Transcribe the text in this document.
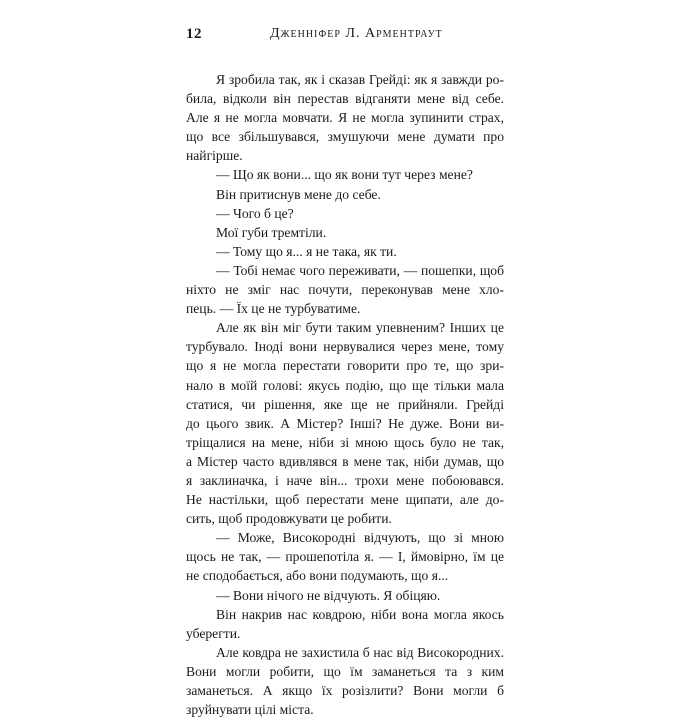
12	Дженніфер Л. Арментраут
Я зробила так, як і сказав Грейді: як я завжди ро-
била, відколи він перестав відганяти мене від себе.
Але я не могла мовчати. Я не могла зупинити страх,
що все збільшувався, змушуючи мене думати про
найгірше.
— Що як вони... що як вони тут через мене?
Він притиснув мене до себе.
— Чого б це?
Мої губи тремтіли.
— Тому що я... я не така, як ти.
— Тобі немає чого переживати, — пошепки, щоб
ніхто не зміг нас почути, переконував мене хло-
пець. — Їх це не турбуватиме.
Але як він міг бути таким упевненим? Інших це
турбувало. Іноді вони нервувалися через мене, тому
що я не могла перестати говорити про те, що зри-
нало в моїй голові: якусь подію, що ще тільки мала
статися, чи рішення, яке ще не прийняли. Грейді
до цього звик. А Містер? Інші? Не дуже. Вони ви-
тріщалися на мене, ніби зі мною щось було не так,
а Містер часто вдивлявся в мене так, ніби думав, що
я заклиначка, і наче він... трохи мене побоювався.
Не настільки, щоб перестати мене щипати, але до-
сить, щоб продовжувати це робити.
— Може, Високородні відчують, що зі мною
щось не так, — прошепотіла я. — І, ймовірно, їм це
не сподобається, або вони подумають, що я...
— Вони нічого не відчують. Я обіцяю.
Він накрив нас ковдрою, ніби вона могла якось
уберегти.
Але ковдра не захистила б нас від Високородних.
Вони могли робити, що їм заманеться та з ким
заманеться. А якщо їх розізлити? Вони могли б
зруйнувати цілі міста.
